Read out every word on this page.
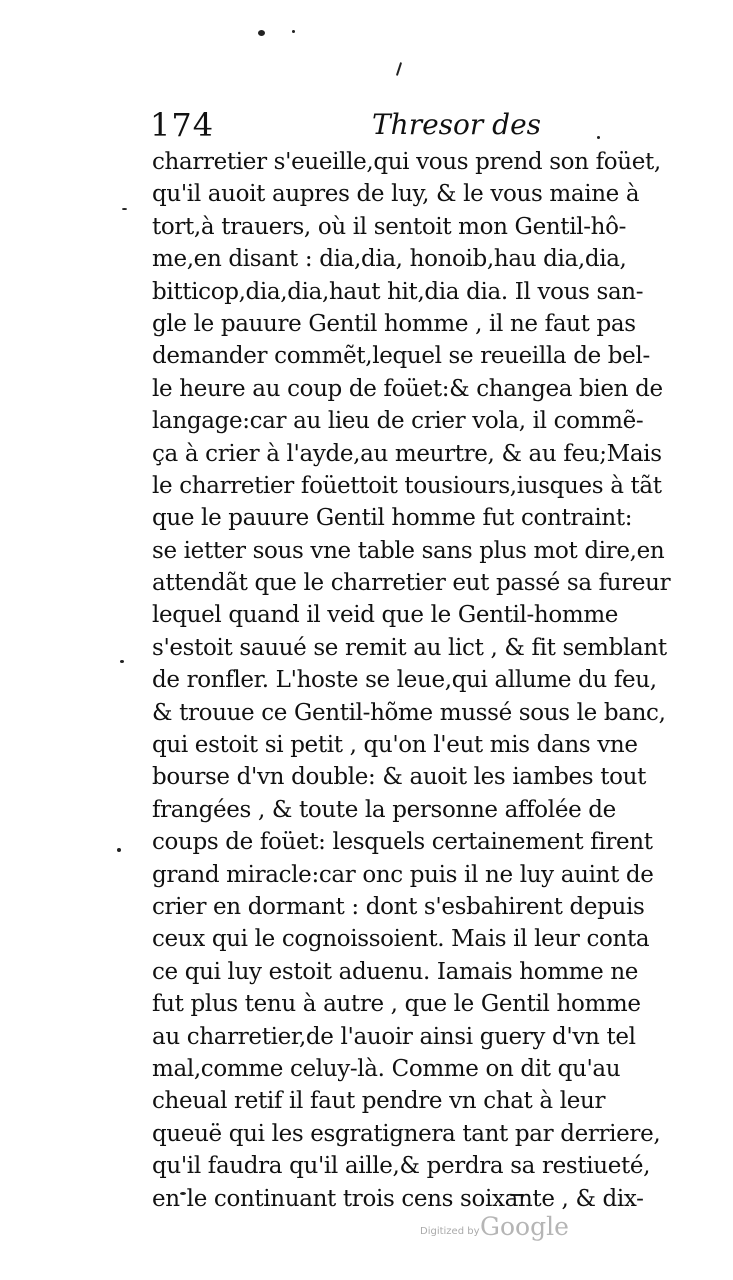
174	Thresor des
charretier s'eueille,qui vous prend son foüet,
qu'il auoit aupres de luy, & le vous maine à
tort,à trauers, où il sentoit mon Gentil-hô-
me,en disant : dia,dia, honoib,hau dia,dia,
bitticop,dia,dia,haut hit,dia dia. Il vous san-
gle le pauure Gentil homme , il ne faut pas
demander commẽt,lequel se reueilla de bel-
le heure au coup de foüet:& changea bien de
langage:car au lieu de crier vola, il commẽ-
ça à crier à l'ayde,au meurtre, & au feu;Mais
le charretier foüettoit tousiours,iusques à tãt
que le pauure Gentil homme fut contraint:
se ietter sous vne table sans plus mot dire,en
attendãt que le charretier eut passé sa fureur
lequel quand il veid que le Gentil-homme
s'estoit sauué se remit au lict , & fit semblant
de ronfler. L'hoste se leue,qui allume du feu,
& trouue ce Gentil-hõme mussé sous le banc,
qui estoit si petit , qu'on l'eut mis dans vne
bourse d'vn double: & auoit les iambes tout
frangées , & toute la personne affolée de
coups de foüet: lesquels certainement firent
grand miracle:car onc puis il ne luy auint de
crier en dormant : dont s'esbahirent depuis
ceux qui le cognoissoient. Mais il leur conta
ce qui luy estoit aduenu. Iamais homme ne
fut plus tenu à autre , que le Gentil homme
au charretier,de l'auoir ainsi guery d'vn tel
mal,comme celuy-là. Comme on dit qu'au
cheual retif il faut pendre vn chat à leur
queuë qui les esgratignera tant par derriere,
qu'il faudra qu'il aille,& perdra sa restiueté,
en le continuant trois cens soixante , & dix-
Digitized by Google
